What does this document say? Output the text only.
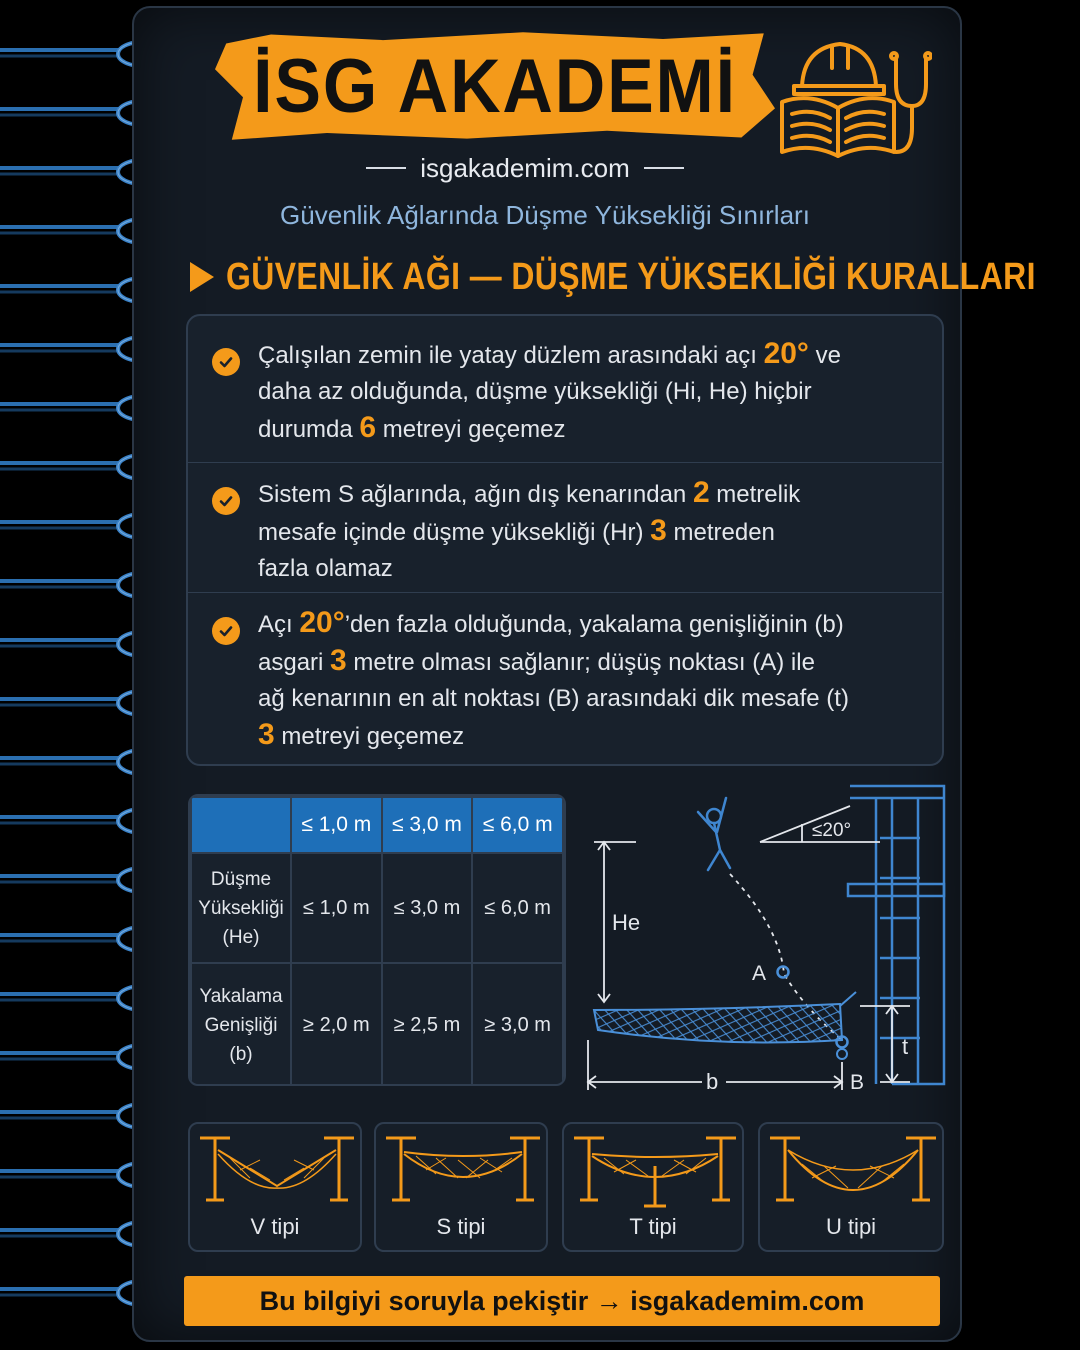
İSG AKADEMİ
isgakademim.com
Güvenlik Ağlarında Düşme Yüksekliği Sınırları
GÜVENLİK AĞI — DÜŞME YÜKSEKLİĞİ KURALLARI
Çalışılan zemin ile yatay düzlem arasındaki açı 20° ve
daha az olduğunda, düşme yüksekliği (Hi, He) hiçbir
durumda 6 metreyi geçemez
Sistem S ağlarında, ağın dış kenarından 2 metrelik
mesafe içinde düşme yüksekliği (Hr) 3 metreden
fazla olamaz
Açı 20°’den fazla olduğunda, yakalama genişliğinin (b)
asgari 3 metre olması sağlanır; düşüş noktası (A) ile
ağ kenarının en alt noktası (B) arasındaki dik mesafe (t)
3 metreyi geçemez
	≤ 1,0 m	≤ 3,0 m	≤ 6,0 m

Düşme
Yüksekliği
(He)	≤ 1,0 m	≤ 3,0 m	≤ 6,0 m

Yakalama
Genişliği
(b)	≥ 2,0 m	≥ 2,5 m	≥ 3,0 m
≤20°
He
A
t
b	B
V tipi	S tipi	T tipi	U tipi
Bu bilgiyi soruyla pekiştir → isgakademim.com
